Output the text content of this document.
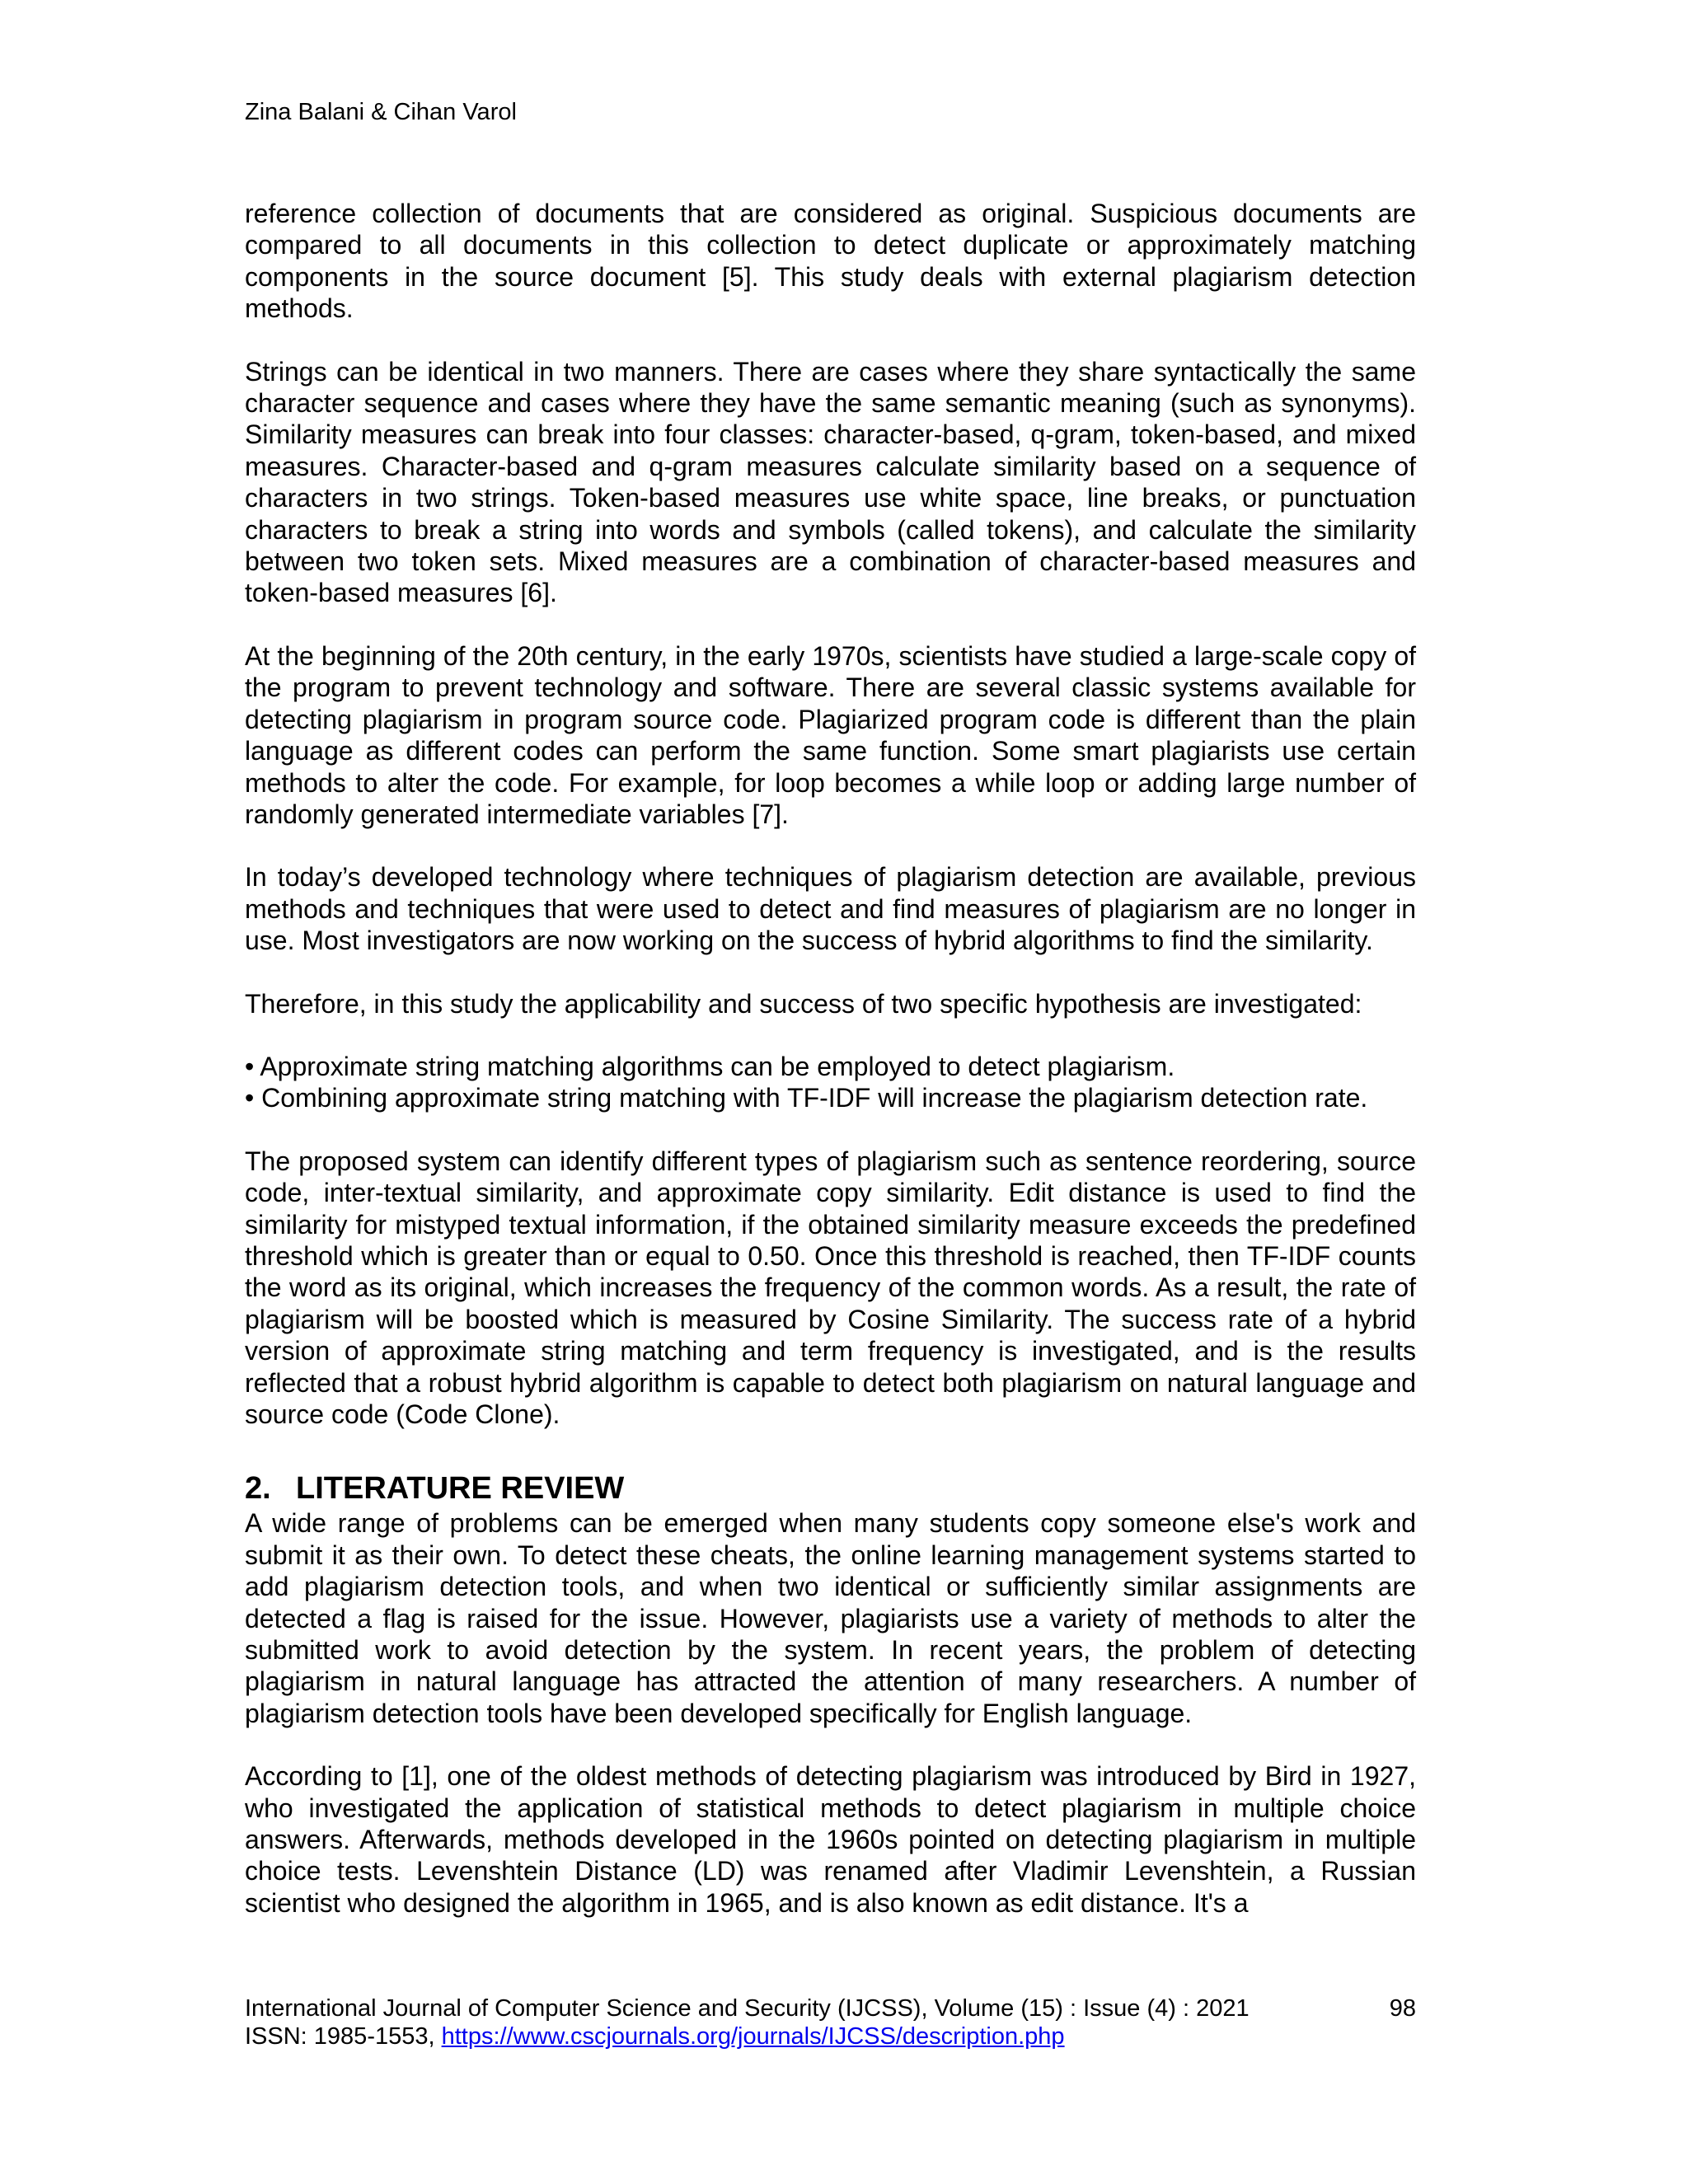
Zina Balani & Cihan Varol

reference collection of documents that are considered as original. Suspicious documents are compared to all documents in this collection to detect duplicate or approximately matching components in the source document [5]. This study deals with external plagiarism detection methods.

Strings can be identical in two manners. There are cases where they share syntactically the same character sequence and cases where they have the same semantic meaning (such as synonyms). Similarity measures can break into four classes: character-based, q-gram, token-based, and mixed measures. Character-based and q-gram measures calculate similarity based on a sequence of characters in two strings. Token-based measures use white space, line breaks, or punctuation characters to break a string into words and symbols (called tokens), and calculate the similarity between two token sets. Mixed measures are a combination of character-based measures and token-based measures [6].

At the beginning of the 20th century, in the early 1970s, scientists have studied a large-scale copy of the program to prevent technology and software. There are several classic systems available for detecting plagiarism in program source code. Plagiarized program code is different than the plain language as different codes can perform the same function. Some smart plagiarists use certain methods to alter the code. For example, for loop becomes a while loop or adding large number of randomly generated intermediate variables [7].

In today’s developed technology where techniques of plagiarism detection are available, previous methods and techniques that were used to detect and find measures of plagiarism are no longer in use. Most investigators are now working on the success of hybrid algorithms to find the similarity.

Therefore, in this study the applicability and success of two specific hypothesis are investigated:

• Approximate string matching algorithms can be employed to detect plagiarism.
• Combining approximate string matching with TF-IDF will increase the plagiarism detection rate.

The proposed system can identify different types of plagiarism such as sentence reordering, source code, inter-textual similarity, and approximate copy similarity. Edit distance is used to find the similarity for mistyped textual information, if the obtained similarity measure exceeds the predefined threshold which is greater than or equal to 0.50. Once this threshold is reached, then TF-IDF counts the word as its original, which increases the frequency of the common words. As a result, the rate of plagiarism will be boosted which is measured by Cosine Similarity. The success rate of a hybrid version of approximate string matching and term frequency is investigated, and is the results reflected that a robust hybrid algorithm is capable to detect both plagiarism on natural language and source code (Code Clone).

2. LITERATURE REVIEW

A wide range of problems can be emerged when many students copy someone else's work and submit it as their own. To detect these cheats, the online learning management systems started to add plagiarism detection tools, and when two identical or sufficiently similar assignments are detected a flag is raised for the issue. However, plagiarists use a variety of methods to alter the submitted work to avoid detection by the system. In recent years, the problem of detecting plagiarism in natural language has attracted the attention of many researchers. A number of plagiarism detection tools have been developed specifically for English language.

According to [1], one of the oldest methods of detecting plagiarism was introduced by Bird in 1927, who investigated the application of statistical methods to detect plagiarism in multiple choice answers. Afterwards, methods developed in the 1960s pointed on detecting plagiarism in multiple choice tests. Levenshtein Distance (LD) was renamed after Vladimir Levenshtein, a Russian scientist who designed the algorithm in 1965, and is also known as edit distance. It's a

International Journal of Computer Science and Security (IJCSS), Volume (15) : Issue (4) : 2021	98
ISSN: 1985-1553, https://www.cscjournals.org/journals/IJCSS/description.php
